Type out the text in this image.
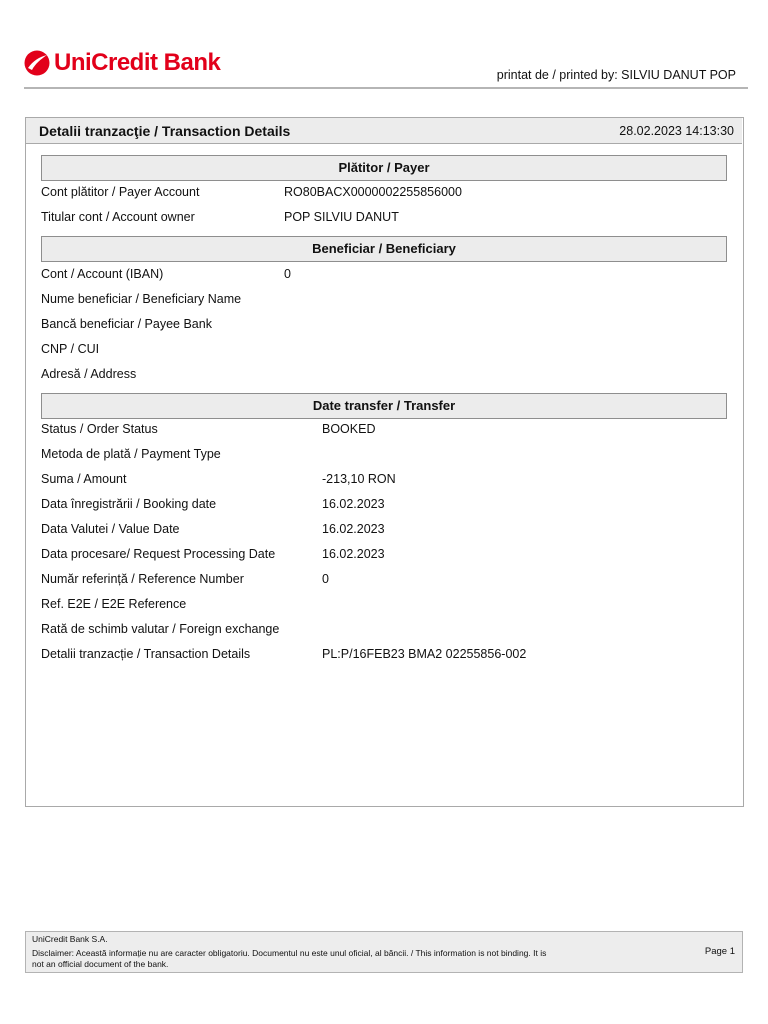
UniCredit Bank	printat de / printed by: SILVIU DANUT POP
Detalii tranzacţie / Transaction Details	28.02.2023 14:13:30
Plătitor / Payer
Cont plătitor / Payer Account	RO80BACX0000002255856000
Titular cont / Account owner	POP SILVIU DANUT
Beneficiar / Beneficiary
Cont / Account (IBAN)	0
Nume beneficiar / Beneficiary Name
Bancă beneficiar / Payee Bank
CNP / CUI
Adresă / Address
Date transfer / Transfer
Status / Order Status	BOOKED
Metoda de plată / Payment Type
Suma / Amount	-213,10 RON
Data înregistrării / Booking date	16.02.2023
Data Valutei / Value Date	16.02.2023
Data procesare/ Request Processing Date	16.02.2023
Număr referință / Reference Number	0
Ref. E2E / E2E Reference
Rată de schimb valutar / Foreign exchange
Detalii tranzacție / Transaction Details	PL:P/16FEB23 BMA2 02255856-002
UniCredit Bank S.A.
Disclaimer: Această informație nu are caracter obligatoriu. Documentul nu este unul oficial, al băncii. / This information is not binding. It is not an official document of the bank.
Page 1
